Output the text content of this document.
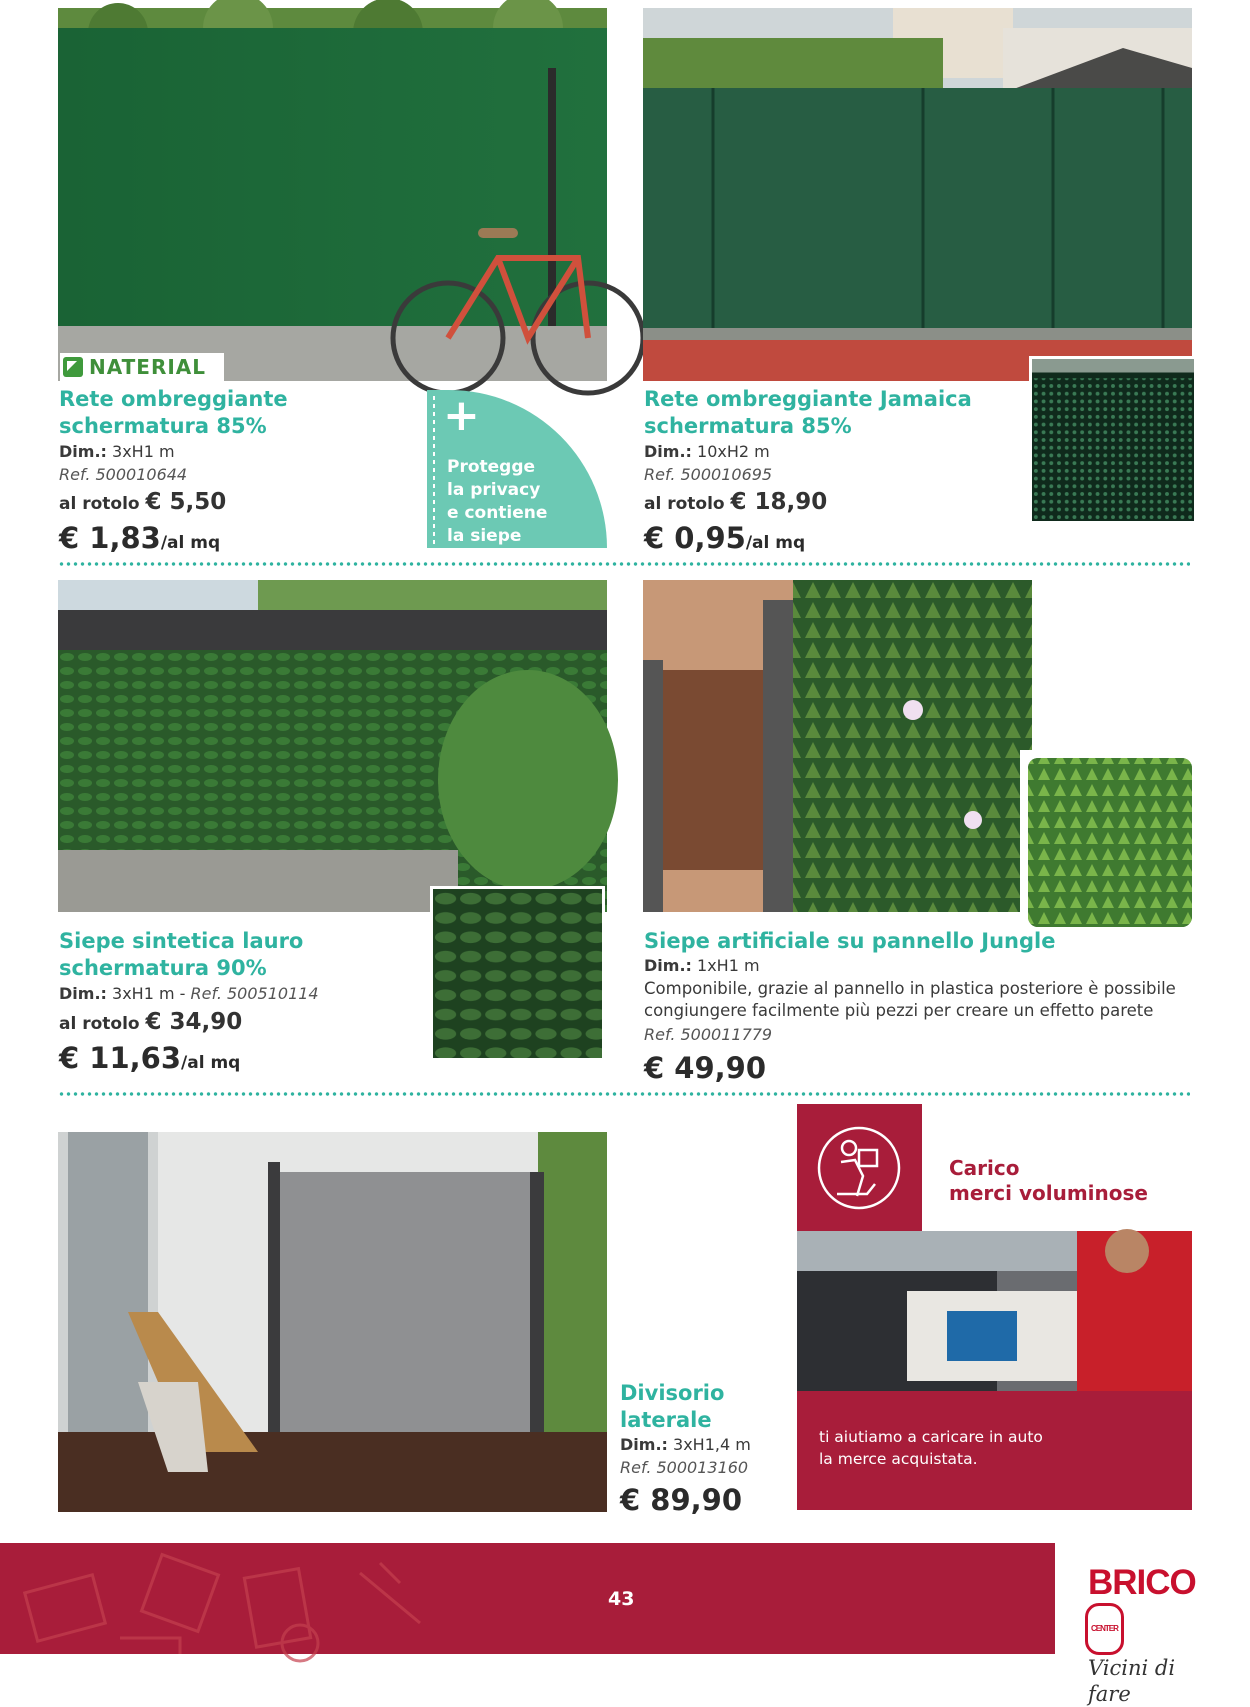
NATERIAL
Rete ombreggiante
schermatura 85%
Dim.: 3xH1 m
Ref. 500010644
al rotolo € 5,50
€ 1,83/al mq
+
Protegge
la privacy
e contiene
la siepe
Rete ombreggiante Jamaica
schermatura 85%
Dim.: 10xH2 m
Ref. 500010695
al rotolo € 18,90
€ 0,95/al mq
Siepe sintetica lauro
schermatura 90%
Dim.: 3xH1 m - Ref. 500510114
al rotolo € 34,90
€ 11,63/al mq
Siepe artificiale su pannello Jungle
Dim.: 1xH1 m
Componibile, grazie al pannello in plastica posteriore è possibile
congiungere facilmente più pezzi per creare un effetto parete
Ref. 500011779
€ 49,90
Divisorio
laterale
Dim.: 3xH1,4 m
Ref. 500013160
€ 89,90
Carico
merci voluminose
ti aiutiamo a caricare in auto
la merce acquistata.
43	BRICOCENTER
Vicini di fare
